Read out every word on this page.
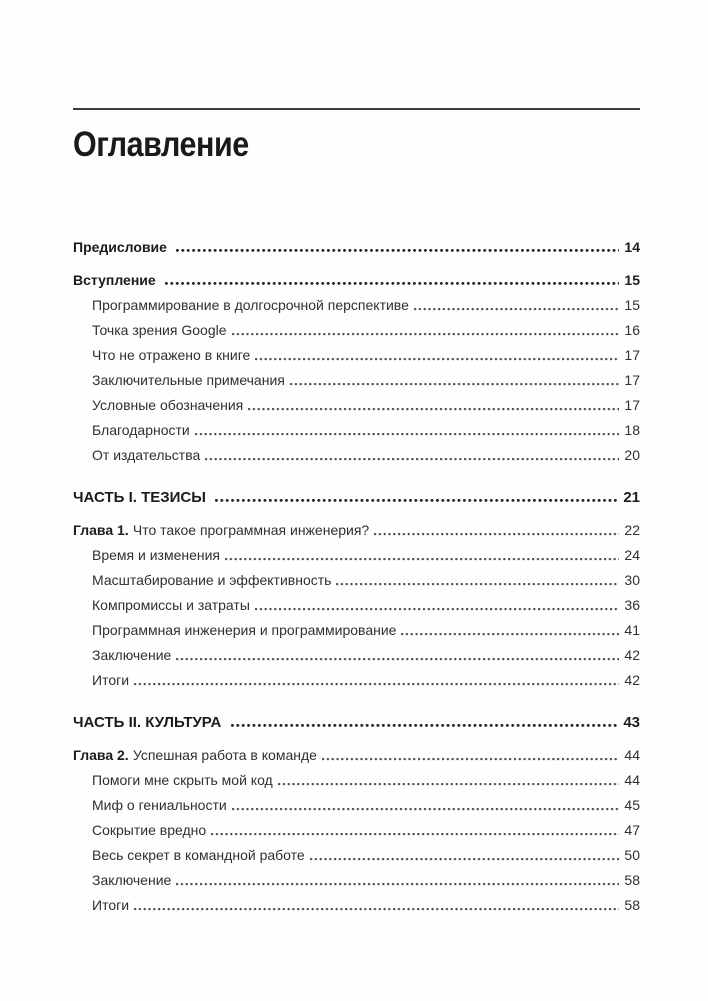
Оглавление
Предисловие	14
Вступление	15
Программирование в долгосрочной перспективе	15
Точка зрения Google	16
Что не отражено в книге	17
Заключительные примечания	17
Условные обозначения	17
Благодарности	18
От издательства	20
ЧАСТЬ I. ТЕЗИСЫ	21
Глава 1. Что такое программная инженерия?	22
Время и изменения	24
Масштабирование и эффективность	30
Компромиссы и затраты	36
Программная инженерия и программирование	41
Заключение	42
Итоги	42
ЧАСТЬ II. КУЛЬТУРА	43
Глава 2. Успешная работа в команде	44
Помоги мне скрыть мой код	44
Миф о гениальности	45
Сокрытие вредно	47
Весь секрет в командной работе	50
Заключение	58
Итоги	58
